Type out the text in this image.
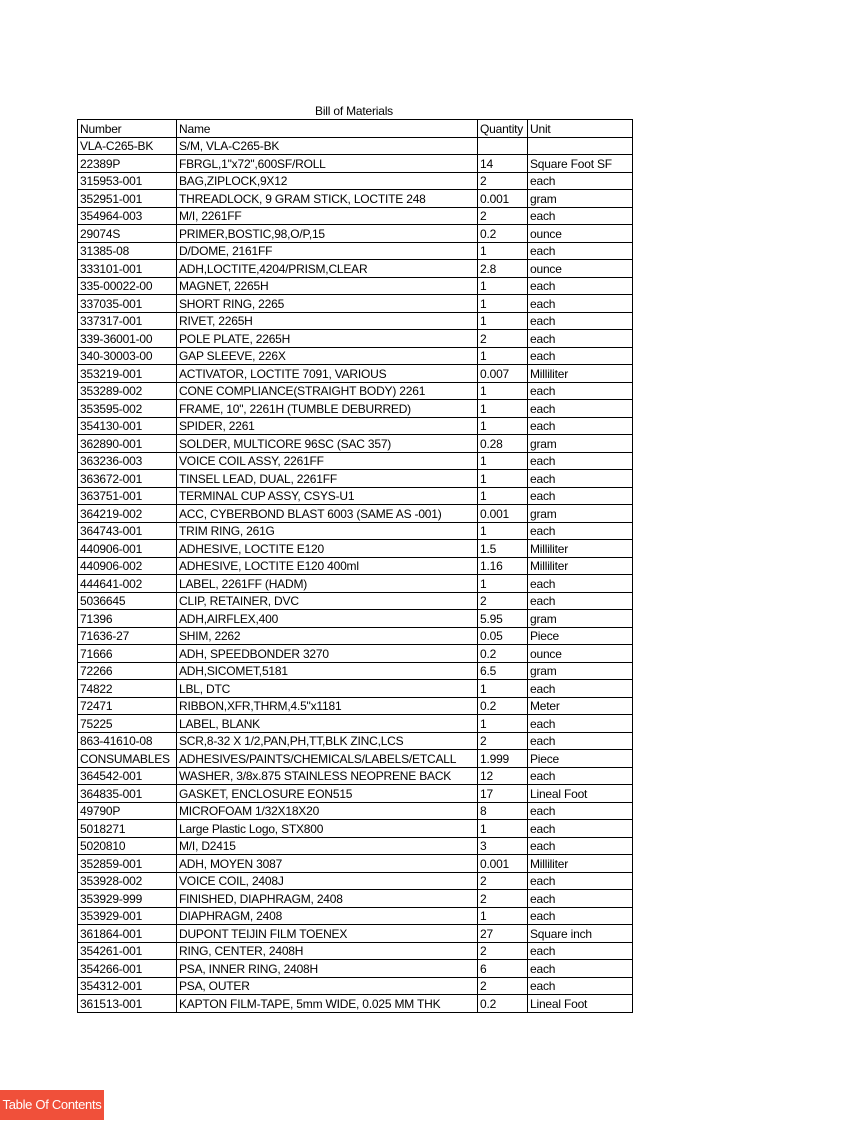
Bill of Materials
Number	Name	Quantity	Unit
VLA-C265-BK	S/M, VLA-C265-BK		
22389P	FBRGL,1"x72",600SF/ROLL	14	Square Foot SF
315953-001	BAG,ZIPLOCK,9X12	2	each
352951-001	THREADLOCK, 9 GRAM STICK, LOCTITE 248	0.001	gram
354964-003	M/I, 2261FF	2	each
29074S	PRIMER,BOSTIC,98,O/P,15	0.2	ounce
31385-08	D/DOME, 2161FF	1	each
333101-001	ADH,LOCTITE,4204/PRISM,CLEAR	2.8	ounce
335-00022-00	MAGNET, 2265H	1	each
337035-001	SHORT RING, 2265	1	each
337317-001	RIVET, 2265H	1	each
339-36001-00	POLE PLATE, 2265H	2	each
340-30003-00	GAP SLEEVE, 226X	1	each
353219-001	ACTIVATOR, LOCTITE 7091, VARIOUS	0.007	Milliliter
353289-002	CONE COMPLIANCE(STRAIGHT BODY) 2261	1	each
353595-002	FRAME, 10", 2261H (TUMBLE DEBURRED)	1	each
354130-001	SPIDER, 2261	1	each
362890-001	SOLDER, MULTICORE 96SC (SAC 357)	0.28	gram
363236-003	VOICE COIL ASSY, 2261FF	1	each
363672-001	TINSEL LEAD, DUAL, 2261FF	1	each
363751-001	TERMINAL CUP ASSY, CSYS-U1	1	each
364219-002	ACC, CYBERBOND BLAST 6003 (SAME AS -001)	0.001	gram
364743-001	TRIM RING, 261G	1	each
440906-001	ADHESIVE, LOCTITE E120	1.5	Milliliter
440906-002	ADHESIVE, LOCTITE E120 400ml	1.16	Milliliter
444641-002	LABEL, 2261FF (HADM)	1	each
5036645	CLIP, RETAINER, DVC	2	each
71396	ADH,AIRFLEX,400	5.95	gram
71636-27	SHIM, 2262	0.05	Piece
71666	ADH, SPEEDBONDER 3270	0.2	ounce
72266	ADH,SICOMET,5181	6.5	gram
74822	LBL, DTC	1	each
72471	RIBBON,XFR,THRM,4.5"x1181	0.2	Meter
75225	LABEL, BLANK	1	each
863-41610-08	SCR,8-32 X 1/2,PAN,PH,TT,BLK ZINC,LCS	2	each
CONSUMABLES	ADHESIVES/PAINTS/CHEMICALS/LABELS/ETCALL	1.999	Piece
364542-001	WASHER, 3/8x.875 STAINLESS NEOPRENE BACK	12	each
364835-001	GASKET, ENCLOSURE EON515	17	Lineal Foot
49790P	MICROFOAM 1/32X18X20	8	each
5018271	Large Plastic Logo, STX800	1	each
5020810	M/I, D2415	3	each
352859-001	ADH, MOYEN 3087	0.001	Milliliter
353928-002	VOICE COIL, 2408J	2	each
353929-999	FINISHED, DIAPHRAGM, 2408	2	each
353929-001	DIAPHRAGM, 2408	1	each
361864-001	DUPONT TEIJIN FILM TOENEX	27	Square inch
354261-001	RING, CENTER, 2408H	2	each
354266-001	PSA, INNER RING, 2408H	6	each
354312-001	PSA, OUTER	2	each
361513-001	KAPTON FILM-TAPE, 5mm WIDE, 0.025 MM THK	0.2	Lineal Foot
Table Of Contents
